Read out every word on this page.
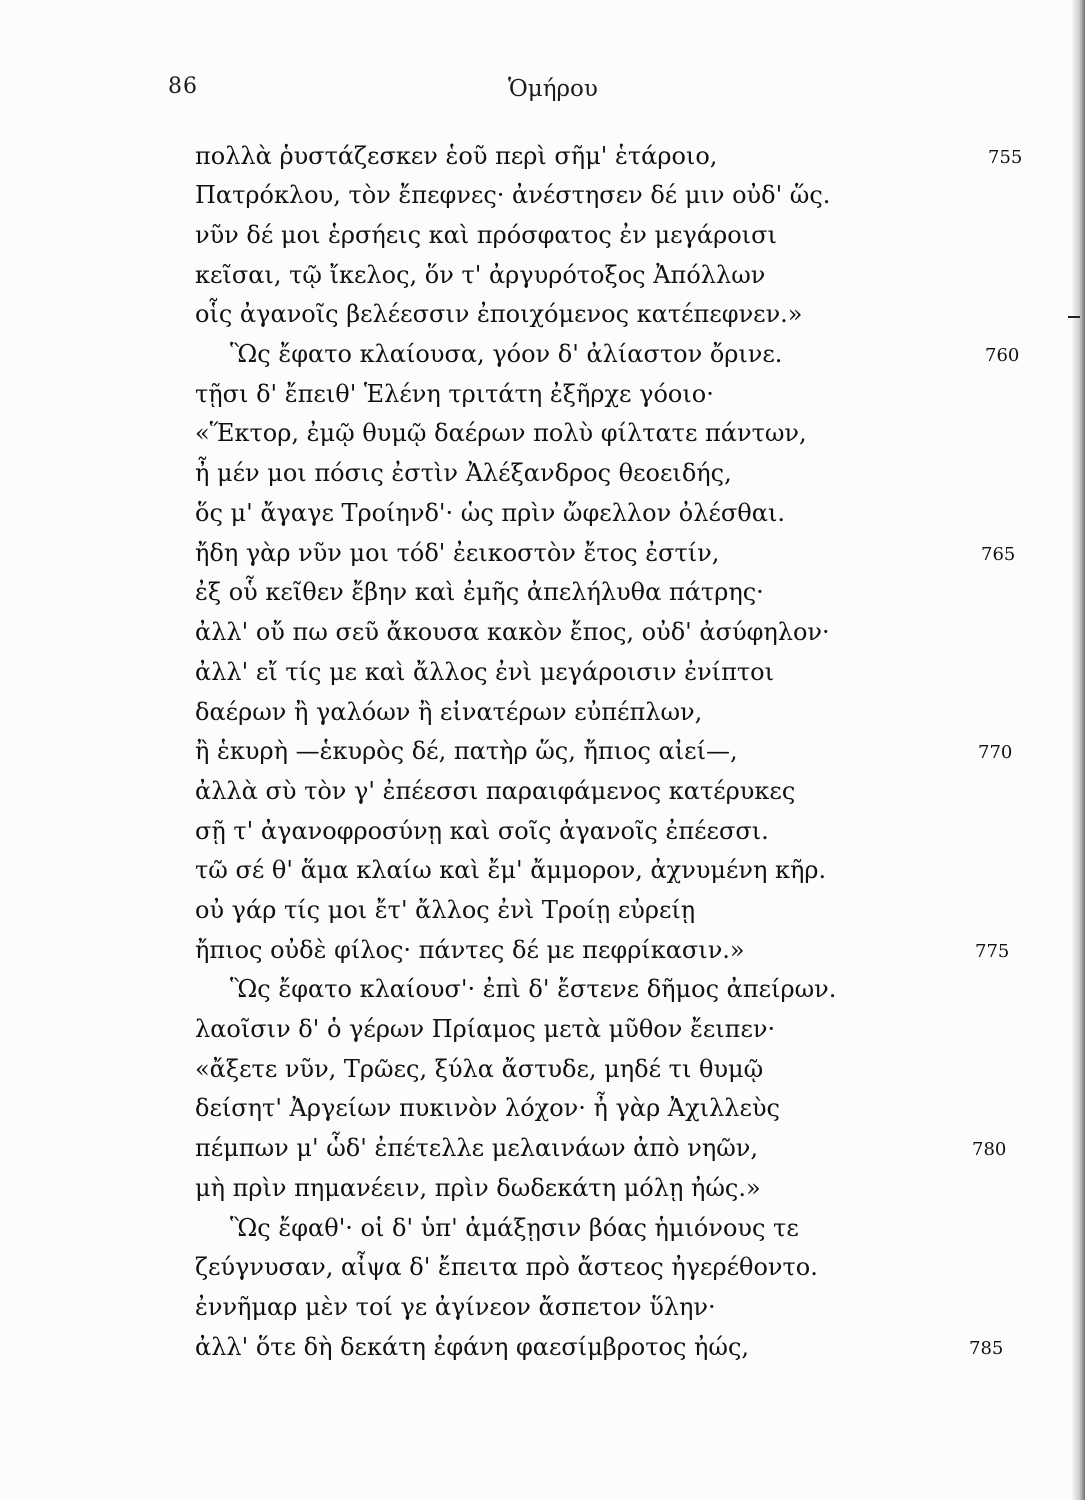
86	Ὁμήρου
πολλὰ ῥυστάζεσκεν ἑοῦ περὶ σῆμ' ἑτάροιο,
Πατρόκλου, τὸν ἔπεφνες· ἀνέστησεν δέ μιν οὐδ' ὥς.
νῦν δέ μοι ἑρσήεις καὶ πρόσφατος ἐν μεγάροισι
κεῖσαι, τῷ ἴκελος, ὅν τ' ἀργυρότοξος Ἀπόλλων
οἷς ἀγανοῖς βελέεσσιν ἐποιχόμενος κατέπεφνεν.»
Ὣς ἔφατο κλαίουσα, γόον δ' ἀλίαστον ὄρινε.
τῇσι δ' ἔπειθ' Ἑλένη τριτάτη ἐξῆρχε γόοιο·
«Ἕκτορ, ἐμῷ θυμῷ δαέρων πολὺ φίλτατε πάντων,
ἦ μέν μοι πόσις ἐστὶν Ἀλέξανδρος θεοειδής,
ὅς μ' ἄγαγε Τροίηνδ'· ὡς πρὶν ὤφελλον ὀλέσθαι.
ἤδη γὰρ νῦν μοι τόδ' ἐεικοστὸν ἔτος ἐστίν,
ἐξ οὗ κεῖθεν ἔβην καὶ ἐμῆς ἀπελήλυθα πάτρης·
ἀλλ' οὔ πω σεῦ ἄκουσα κακὸν ἔπος, οὐδ' ἀσύφηλον·
ἀλλ' εἴ τίς με καὶ ἄλλος ἐνὶ μεγάροισιν ἐνίπτοι
δαέρων ἢ γαλόων ἢ εἰνατέρων εὐπέπλων,
ἢ ἑκυρὴ —ἑκυρὸς δέ, πατὴρ ὥς, ἤπιος αἰεί—,
ἀλλὰ σὺ τὸν γ' ἐπέεσσι παραιφάμενος κατέρυκες
σῇ τ' ἀγανοφροσύνῃ καὶ σοῖς ἀγανοῖς ἐπέεσσι.
τῶ σέ θ' ἅμα κλαίω καὶ ἔμ' ἄμμορον, ἀχνυμένη κῆρ.
οὐ γάρ τίς μοι ἔτ' ἄλλος ἐνὶ Τροίῃ εὐρείῃ
ἤπιος οὐδὲ φίλος· πάντες δέ με πεφρίκασιν.»
Ὣς ἔφατο κλαίουσ'· ἐπὶ δ' ἔστενε δῆμος ἀπείρων.
λαοῖσιν δ' ὁ γέρων Πρίαμος μετὰ μῦθον ἔειπεν·
«ἄξετε νῦν, Τρῶες, ξύλα ἄστυδε, μηδέ τι θυμῷ
δείσητ' Ἀργείων πυκινὸν λόχον· ἦ γὰρ Ἀχιλλεὺς
πέμπων μ' ὧδ' ἐπέτελλε μελαινάων ἀπὸ νηῶν,
μὴ πρὶν πημανέειν, πρὶν δωδεκάτη μόλῃ ἠώς.»
Ὣς ἔφαθ'· οἱ δ' ὑπ' ἀμάξῃσιν βόας ἡμιόνους τε
ζεύγνυσαν, αἶψα δ' ἔπειτα πρὸ ἄστεος ἠγερέθοντο.
ἐννῆμαρ μὲν τοί γε ἀγίνεον ἄσπετον ὕλην·
ἀλλ' ὅτε δὴ δεκάτη ἐφάνη φαεσίμβροτος ἠώς,
755
760
765
770
775
780
785
